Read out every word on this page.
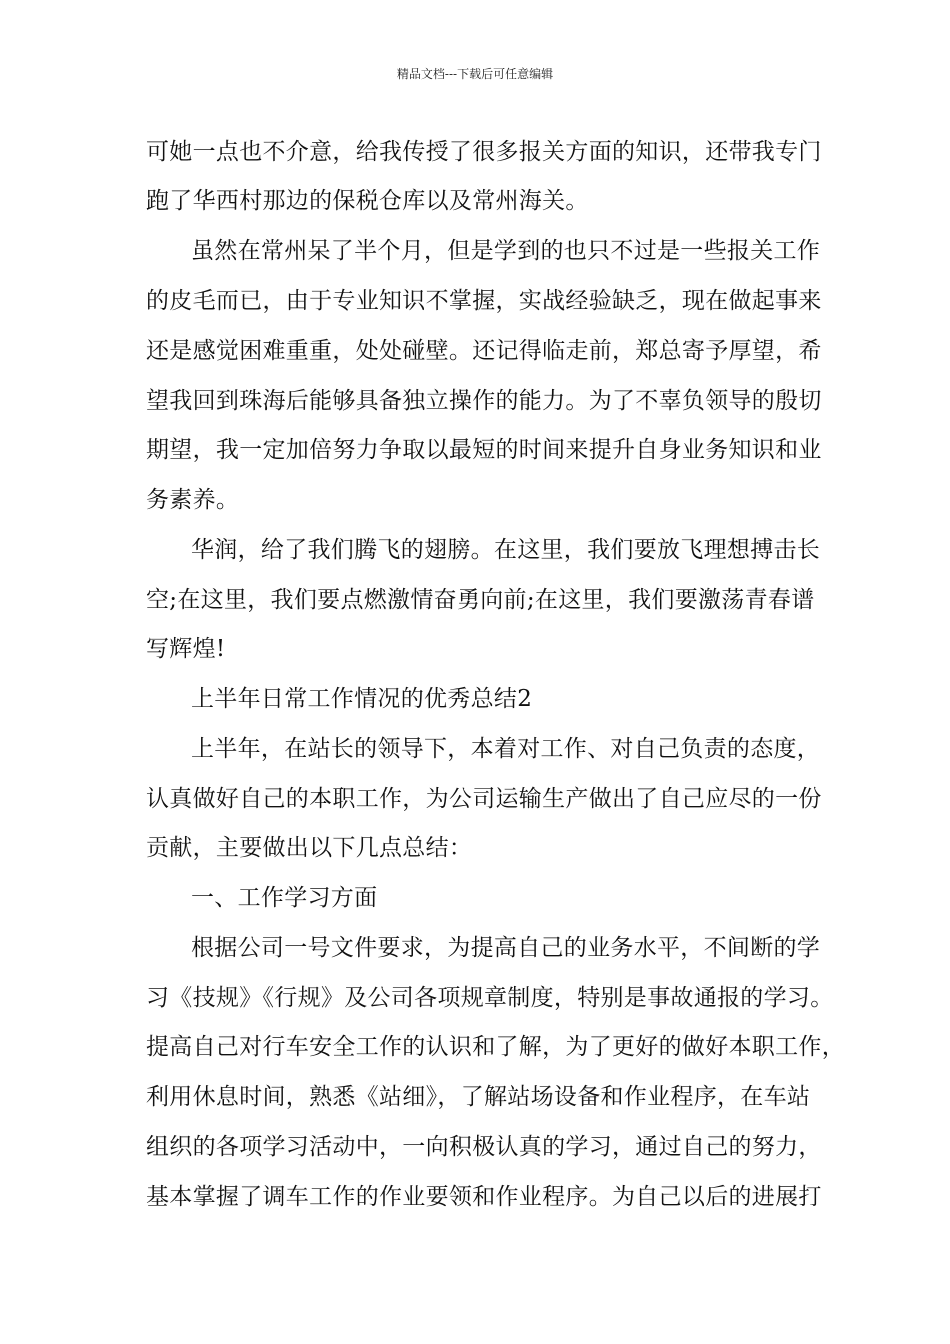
精品文档---下载后可任意编辑
可她一点也不介意，给我传授了很多报关方面的知识，还带我专门
跑了华西村那边的保税仓库以及常州海关。
虽然在常州呆了半个月，但是学到的也只不过是一些报关工作
的皮毛而已，由于专业知识不掌握，实战经验缺乏，现在做起事来
还是感觉困难重重，处处碰壁。还记得临走前，郑总寄予厚望，希
望我回到珠海后能够具备独立操作的能力。为了不辜负领导的殷切
期望，我一定加倍努力争取以最短的时间来提升自身业务知识和业
务素养。
华润，给了我们腾飞的翅膀。在这里，我们要放飞理想搏击长
空;在这里，我们要点燃激情奋勇向前;在这里，我们要激荡青春谱
写辉煌!
上半年日常工作情况的优秀总结2
上半年，在站长的领导下，本着对工作、对自己负责的态度，
认真做好自己的本职工作，为公司运输生产做出了自己应尽的一份
贡献，主要做出以下几点总结：
一、工作学习方面
根据公司一号文件要求，为提高自己的业务水平，不间断的学
习《技规》《行规》及公司各项规章制度，特别是事故通报的学习。
提高自己对行车安全工作的认识和了解，为了更好的做好本职工作，
利用休息时间，熟悉《站细》，了解站场设备和作业程序，在车站
组织的各项学习活动中，一向积极认真的学习，通过自己的努力，
基本掌握了调车工作的作业要领和作业程序。为自己以后的进展打
